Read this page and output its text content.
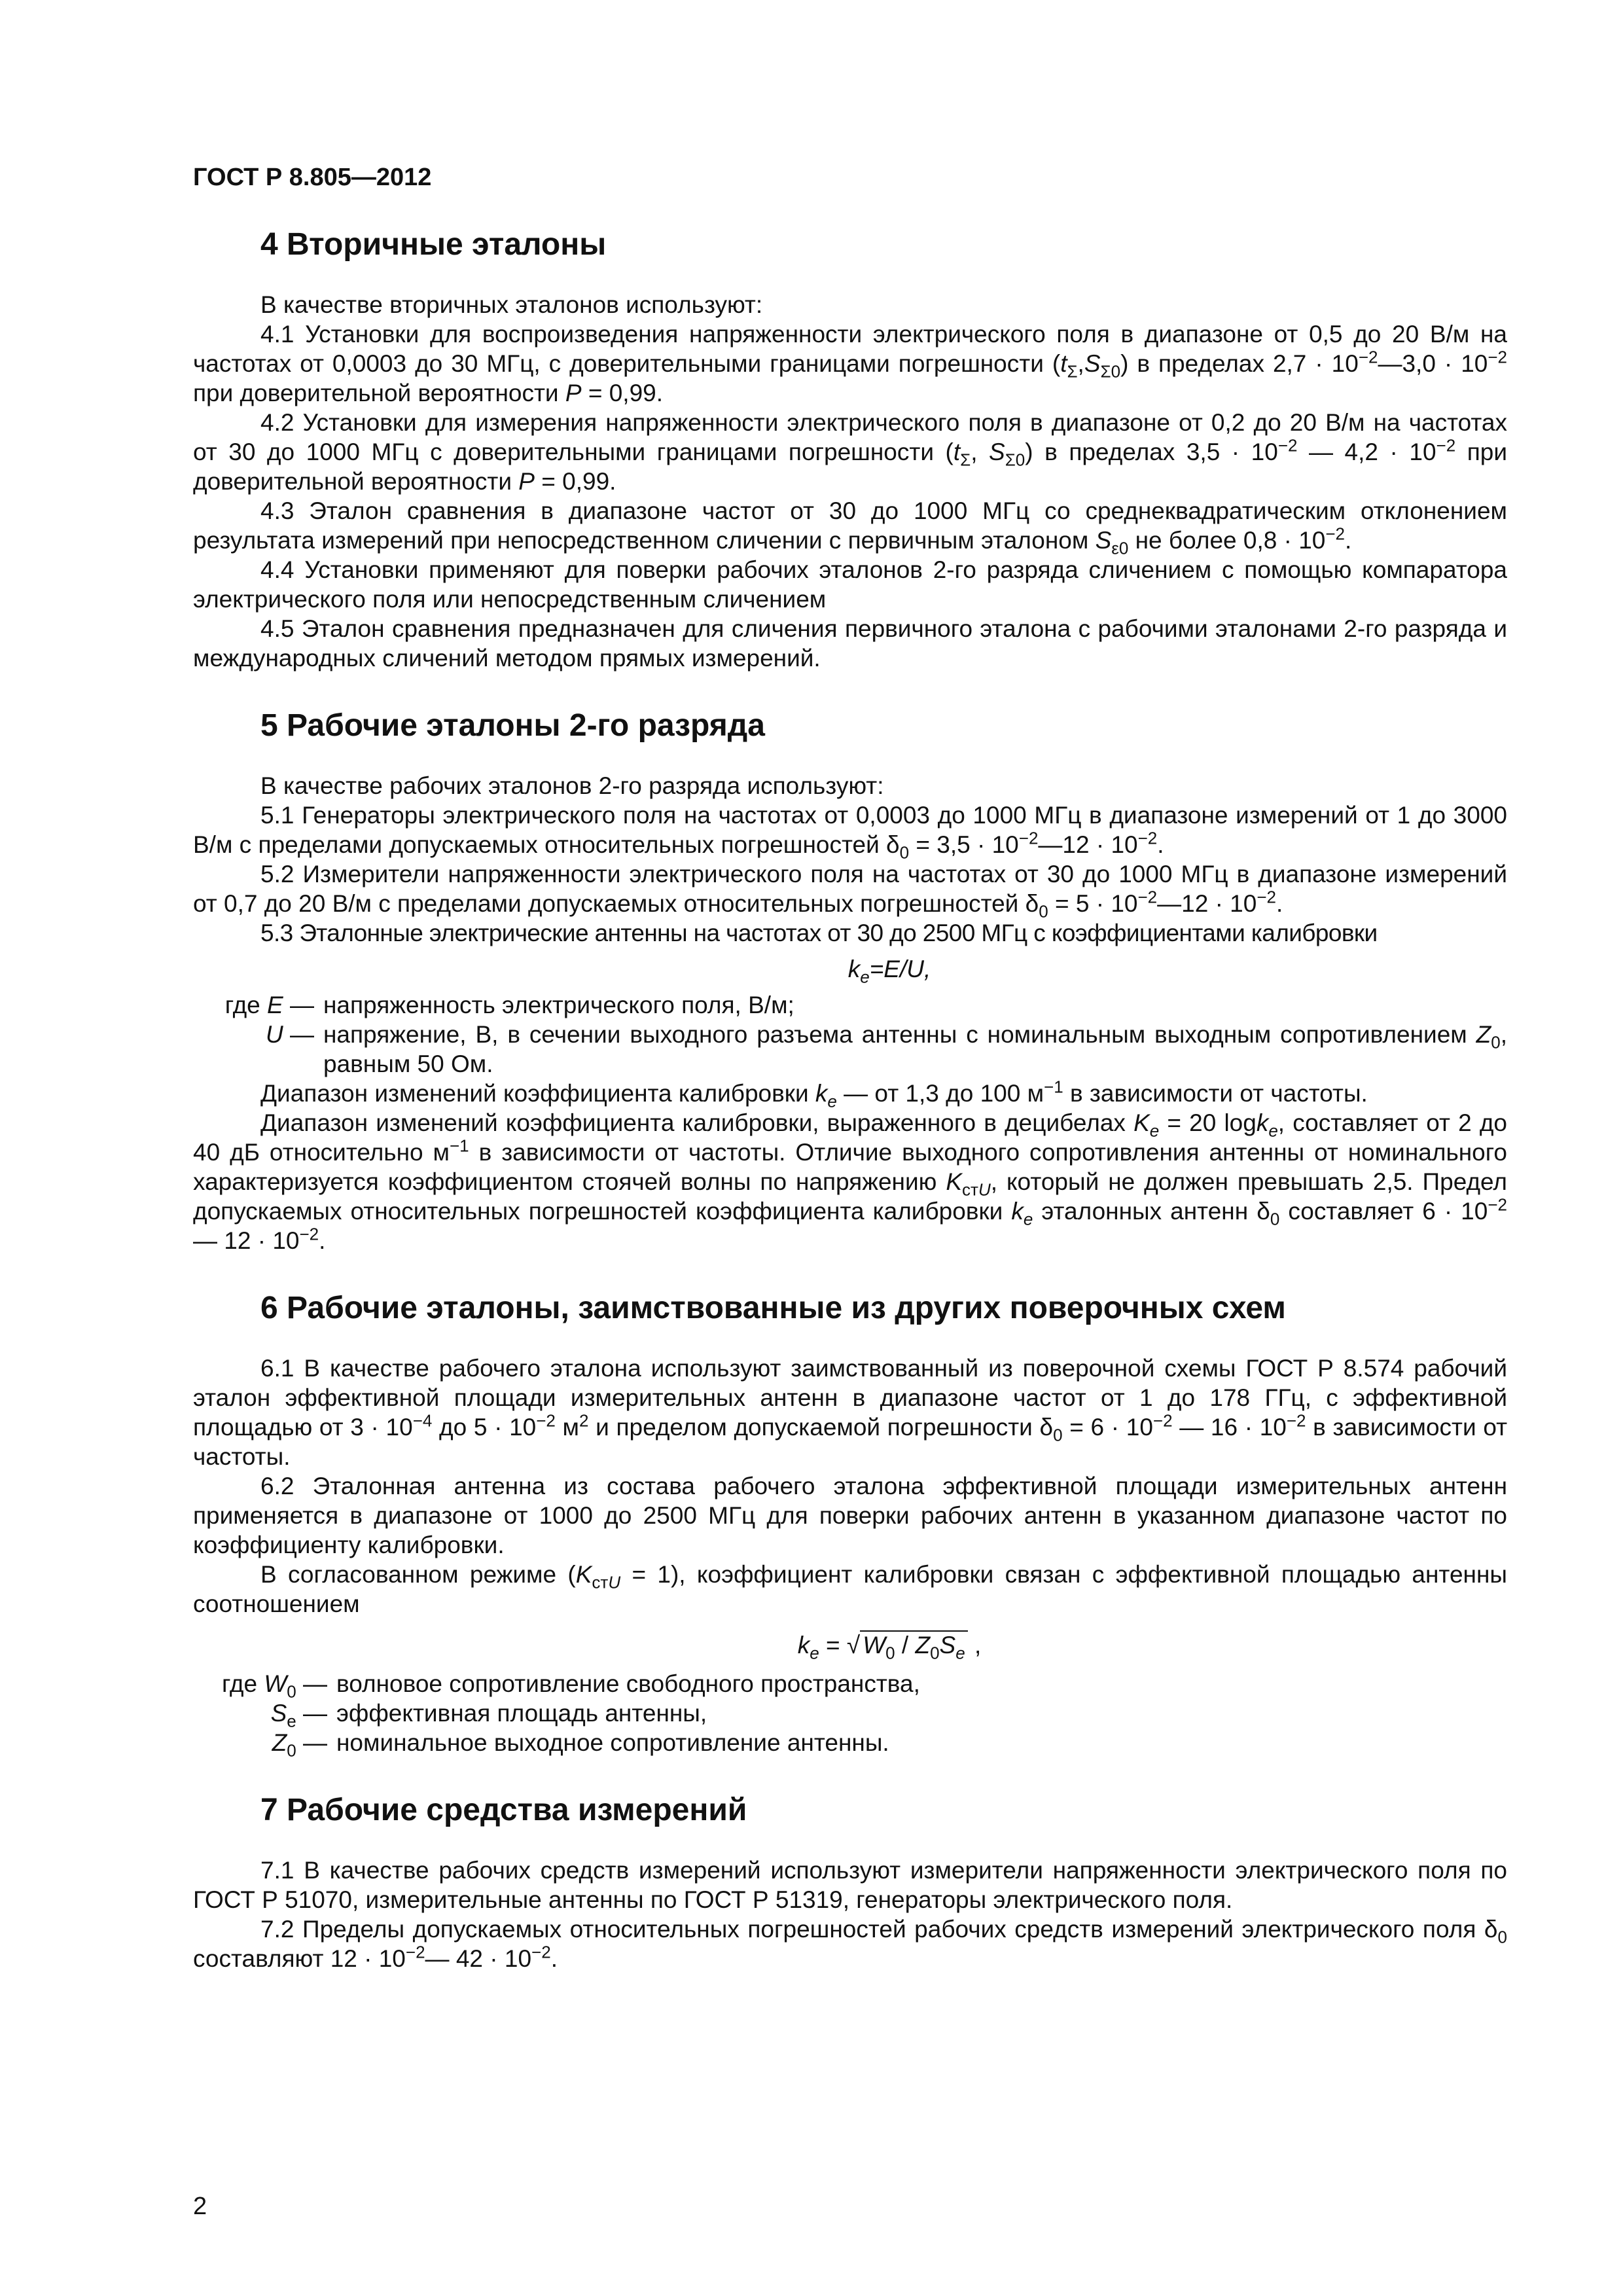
ГОСТ Р 8.805—2012
4 Вторичные эталоны

В качестве вторичных эталонов используют:

4.1 Установки для воспроизведения напряженности электрического поля в диапазоне от 0,5 до 20 В/м на частотах от 0,0003 до 30 МГц, с доверительными границами погрешности $(t_\Sigma,S_{\Sigma 0})$ в пределах $2,7 \cdot 10^{-2}—3,0 \cdot 10^{-2}$ при доверительной вероятности P = 0,99.

4.2 Установки для измерения напряженности электрического поля в диапазоне от 0,2 до 20 В/м на частотах от 30 до 1000 МГц с доверительными границами погрешности ($t_\Sigma$, $S_{\Sigma 0}$) в пределах $3,5 \cdot 10^{-2}$ — $4,2 \cdot 10^{-2}$ при доверительной вероятности P = 0,99.

4.3 Эталон сравнения в диапазоне частот от 30 до 1000 МГц со среднеквадратическим отклонением результата измерений при непосредственном сличении с первичным эталоном $S_{\varepsilon 0}$ не более $0,8 \cdot 10^{-2}$.

4.4 Установки применяют для поверки рабочих эталонов 2-го разряда сличением с помощью компаратора электрического поля или непосредственным сличением

4.5 Эталон сравнения предназначен для сличения первичного эталона с рабочими эталонами 2-го разряда и международных сличений методом прямых измерений.

5 Рабочие эталоны 2-го разряда

В качестве рабочих эталонов 2-го разряда используют:

5.1 Генераторы электрического поля на частотах от 0,0003 до 1000 МГц в диапазоне измерений от 1 до 3000 В/м с пределами допускаемых относительных погрешностей $\delta_0 = 3,5$ · $10^{-2}—12 \cdot 10^{-2}$.

5.2 Измерители напряженности электрического поля на частотах от 30 до 1000 МГц в диапазоне измерений от 0,7 до 20 В/м с пределами допускаемых относительных погрешностей $\delta_0 = 5$ · $10^{-2}—12 \cdot 10^{-2}$.

5.3 Эталонные электрические антенны на частотах от 30 до 2500 МГц с коэффициентами калибровки

$k_e=E/U$,
где E — напряженность электрического поля, В/м;
U — напряжение, В, в сечении выходного разъема антенны с номинальным выходным сопротивлением $Z_0$, равным 50 Ом.

Диапазон изменений коэффициента калибровки $k_e$ — от 1,3 до 100 $м^{-1}$ в зависимости от частоты.

Диапазон изменений коэффициента калибровки, выраженного в децибелах $K_e = 20$ logk$_e$, составляет от 2 до 40 дБ относительно $м^{-1}$ в зависимости от частоты. Отличие выходного сопротивления антенны от номинального характеризуется коэффициентом стоячей волны по напряжению $K_{стU}$, который не должен превышать 2,5. Предел допускаемых относительных погрешностей коэффициента калибровки $k_e$ эталонных антенн $\delta_0$ составляет $6 \cdot 10^{-2}$ — $12 \cdot 10^{-2}$.

6 Рабочие эталоны, заимствованные из других поверочных схем

6.1 В качестве рабочего эталона используют заимствованный из поверочной схемы ГОСТ Р 8.574 рабочий эталон эффективной площади измерительных антенн в диапазоне частот от 1 до 178 ГГц, с эффективной площадью от $3 \cdot 10^{-4}$ до $5 \cdot 10^{-2}$ $м^2$ и пределом допускаемой погрешности $\delta_0 = 6 \cdot 10^{-2}$ — $16 \cdot 10^{-2}$ в зависимости от частоты.

6.2 Эталонная антенна из состава рабочего эталона эффективной площади измерительных антенн применяется в диапазоне от 1000 до 2500 МГц для поверки рабочих антенн в указанном диапазоне частот по коэффициенту калибровки.

В согласованном режиме $(K_{стU} = 1)$, коэффициент калибровки связан с эффективной площадью антенны соотношением

$k_e$ = √ $W_0 / Z_0S_e$ ,
где $W_0$ — волновое сопротивление свободного пространства,
$S_e$ — эффективная площадь антенны,
$Z_0$ — номинальное выходное сопротивление антенны.
7 Рабочие средства измерений

7.1 В качестве рабочих средств измерений используют измерители напряженности электрического поля по ГОСТ Р 51070, измерительные антенны по ГОСТ Р 51319, генераторы электрического поля.

7.2 Пределы допускаемых относительных погрешностей рабочих средств измерений электрического поля $\delta_0$ составляют $12 \cdot 10^{-2}—$ $42 \cdot 10^{-2}$.

2
